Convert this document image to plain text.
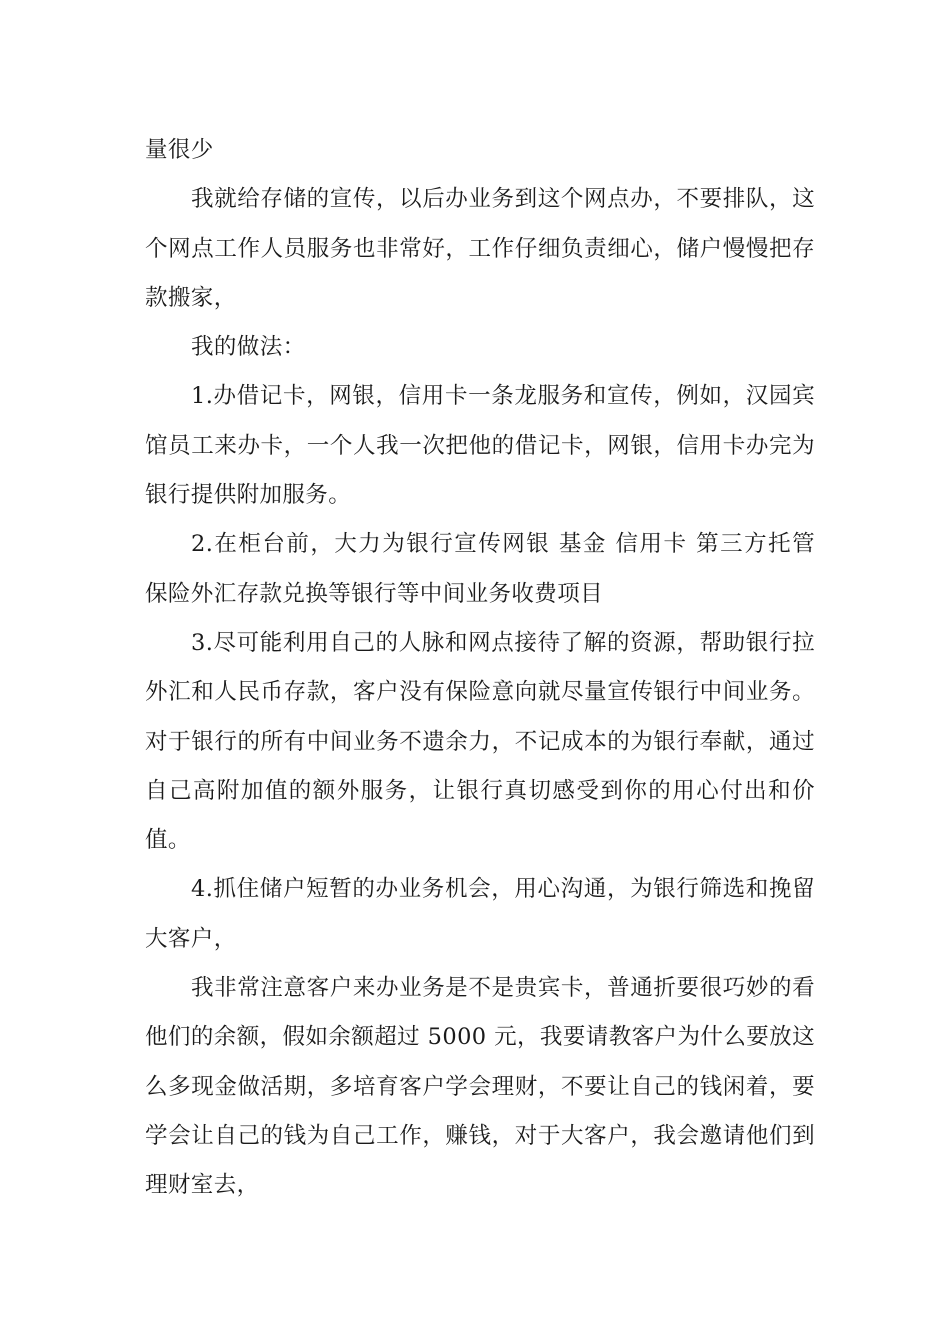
量很少

我就给存储的宣传，以后办业务到这个网点办，不要排队，这个网点工作人员服务也非常好，工作仔细负责细心，储户慢慢把存款搬家，

我的做法：

1.办借记卡，网银，信用卡一条龙服务和宣传，例如，汉园宾馆员工来办卡，一个人我一次把他的借记卡，网银，信用卡办完为银行提供附加服务。

2.在柜台前，大力为银行宣传网银 基金 信用卡 第三方托管 保险外汇存款兑换等银行等中间业务收费项目

3.尽可能利用自己的人脉和网点接待了解的资源，帮助银行拉外汇和人民币存款，客户没有保险意向就尽量宣传银行中间业务。对于银行的所有中间业务不遗余力，不记成本的为银行奉献，通过自己高附加值的额外服务，让银行真切感受到你的用心付出和价值。

4.抓住储户短暂的办业务机会，用心沟通，为银行筛选和挽留大客户，

我非常注意客户来办业务是不是贵宾卡，普通折要很巧妙的看他们的余额，假如余额超过 5000 元，我要请教客户为什么要放这么多现金做活期，多培育客户学会理财，不要让自己的钱闲着，要学会让自己的钱为自己工作，赚钱，对于大客户，我会邀请他们到理财室去，
